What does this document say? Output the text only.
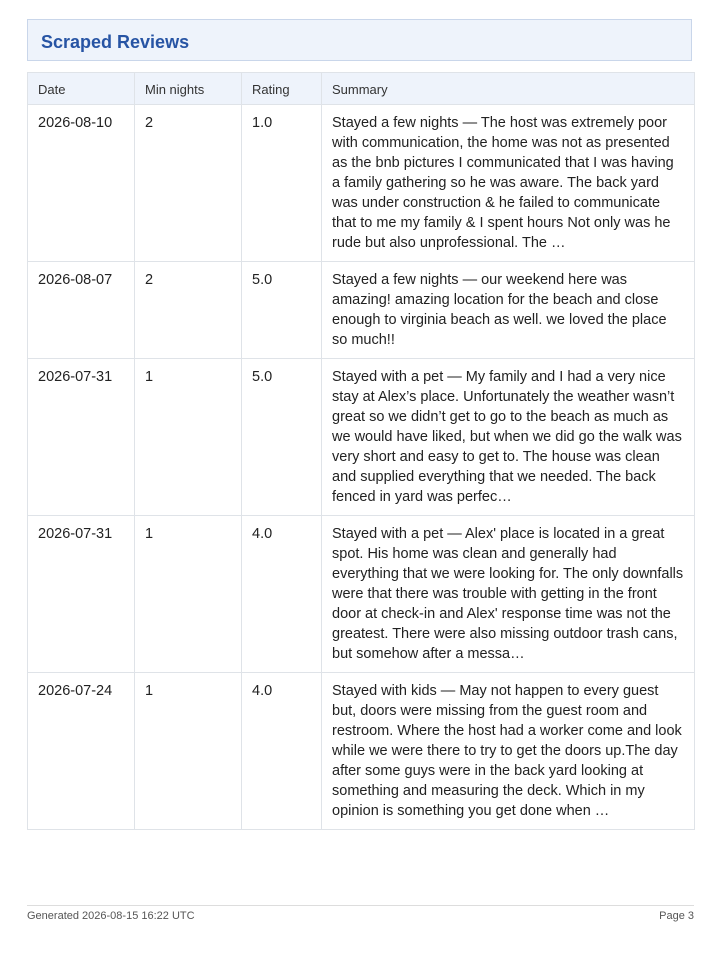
Scraped Reviews
Date	Min nights	Rating	Summary
2026-08-10	2	1.0	Stayed a few nights — The host was extremely poor with communication, the home was not as presented as the bnb pictures I communicated that I was having a family gathering so he was aware. The back yard was under construction & he failed to communicate that to me my family & I spent hours Not only was he rude but also unprofessional. The …
2026-08-07	2	5.0	Stayed a few nights — our weekend here was amazing! amazing location for the beach and close enough to virginia beach as well. we loved the place so much!!
2026-07-31	1	5.0	Stayed with a pet — My family and I had a very nice stay at Alex’s place. Unfortunately the weather wasn’t great so we didn’t get to go to the beach as much as we would have liked, but when we did go the walk was very short and easy to get to. The house was clean and supplied everything that we needed. The back fenced in yard was perfec…
2026-07-31	1	4.0	Stayed with a pet — Alex' place is located in a great spot. His home was clean and generally had everything that we were looking for. The only downfalls were that there was trouble with getting in the front door at check-in and Alex' response time was not the greatest. There were also missing outdoor trash cans, but somehow after a messa…
2026-07-24	1	4.0	Stayed with kids — May not happen to every guest but, doors were missing from the guest room and restroom. Where the host had a worker come and look while we were there to try to get the doors up.The day after some guys were in the back yard looking at something and measuring the deck. Which in my opinion is something you get done when …
Generated 2026-08-15 16:22 UTC	Page 3
